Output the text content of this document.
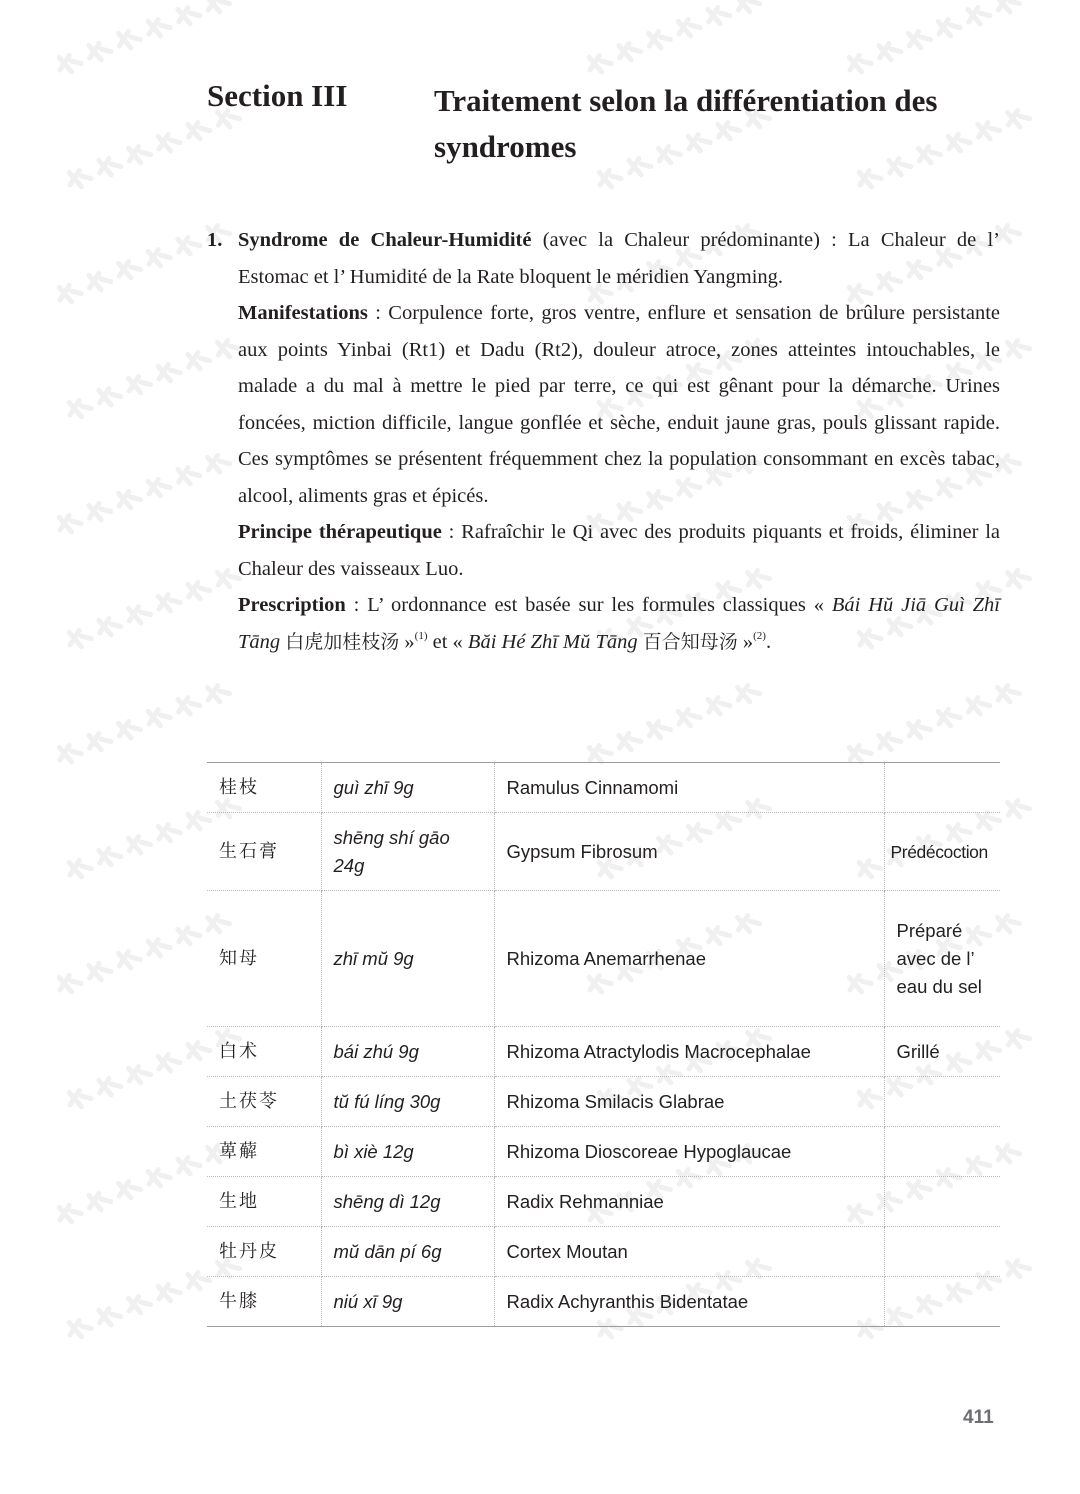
Section III	Traitement selon la différentiation des syndromes
1. Syndrome de Chaleur-Humidité (avec la Chaleur prédominante) : La Chaleur de l’ Estomac et l’ Humidité de la Rate bloquent le méridien Yangming.

Manifestations : Corpulence forte, gros ventre, enflure et sensation de brûlure persistante aux points Yinbai (Rt1) et Dadu (Rt2), douleur atroce, zones atteintes intouchables, le malade a du mal à mettre le pied par terre, ce qui est gênant pour la démarche. Urines foncées, miction difficile, langue gonflée et sèche, enduit jaune gras, pouls glissant rapide. Ces symptômes se présentent fréquemment chez la population consommant en excès tabac, alcool, aliments gras et épicés.

Principe thérapeutique : Rafraîchir le Qi avec des produits piquants et froids, éliminer la Chaleur des vaisseaux Luo.

Prescription : L’ ordonnance est basée sur les formules classiques « Bái Hŭ Jiā Guì Zhī Tāng 白虎加桂枝汤 »$^{(1)}$ et « Băi Hé Zhī Mŭ Tāng 百合知母汤 »$^{(2)}$.

桂枝	guì zhī 9g	Ramulus Cinnamomi	
生石膏	shēng shí gāo 24g	Gypsum Fibrosum	Prédécoction
知母	zhī mŭ 9g	Rhizoma Anemarrhenae	Préparé avec de l’ eau du sel
白术	bái zhú 9g	Rhizoma Atractylodis Macrocephalae	Grillé
土茯苓	tŭ fú líng 30g	Rhizoma Smilacis Glabrae	
萆薢	bì xiè 12g	Rhizoma Dioscoreae Hypoglaucae	
生地	shēng dì 12g	Radix Rehmanniae	
牡丹皮	mŭ dān pí 6g	Cortex Moutan	
牛膝	niú xī 9g	Radix Achyranthis Bidentatae	
411
